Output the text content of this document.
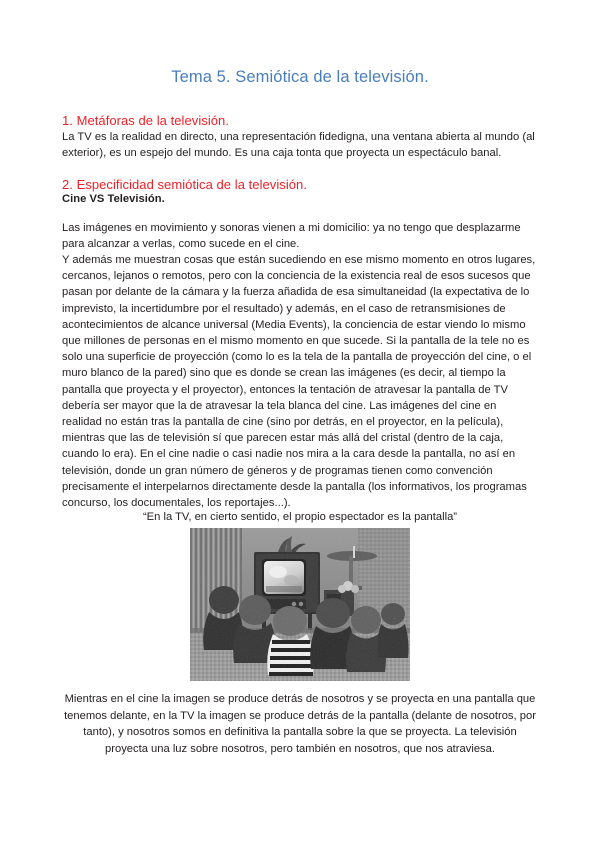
Tema 5. Semiótica de la televisión.
1. Metáforas de la televisión.

La TV es la realidad en directo, una representación fidedigna, una ventana abierta al mundo (al exterior), es un espejo del mundo. Es una caja tonta que proyecta un espectáculo banal.

2. Especificidad semiótica de la televisión.

Cine VS Televisión.

Las imágenes en movimiento y sonoras vienen a mi domicilio: ya no tengo que desplazarme para alcanzar a verlas, como sucede en el cine.

Y además me muestran cosas que están sucediendo en ese mismo momento en otros lugares, cercanos, lejanos o remotos, pero con la conciencia de la existencia real de esos sucesos que pasan por delante de la cámara y la fuerza añadida de esa simultaneidad (la expectativa de lo imprevisto, la incertidumbre por el resultado) y además, en el caso de retransmisiones de acontecimientos de alcance universal (Media Events), la conciencia de estar viendo lo mismo que millones de personas en el mismo momento en que sucede. Si la pantalla de la tele no es solo una superficie de proyección (como lo es la tela de la pantalla de proyección del cine, o el muro blanco de la pared) sino que es donde se crean las imágenes (es decir, al tiempo la pantalla que proyecta y el proyector), entonces la tentación de atravesar la pantalla de TV debería ser mayor que la de atravesar la tela blanca del cine. Las imágenes del cine en realidad no están tras la pantalla de cine (sino por detrás, en el proyector, en la película), mientras que las de televisión sí que parecen estar más allá del cristal (dentro de la caja, cuando lo era). En el cine nadie o casi nadie nos mira a la cara desde la pantalla, no así en televisión, donde un gran número de géneros y de programas tienen como convención precisamente el interpelarnos directamente desde la pantalla (los informativos, los programas concurso, los documentales, los reportajes...).

“En la TV, en cierto sentido, el propio espectador es la pantalla”

Mientras en el cine la imagen se produce detrás de nosotros y se proyecta en una pantalla que tenemos delante, en la TV la imagen se produce detrás de la pantalla (delante de nosotros, por tanto), y nosotros somos en definitiva la pantalla sobre la que se proyecta. La televisión proyecta una luz sobre nosotros, pero también en nosotros, que nos atraviesa.
